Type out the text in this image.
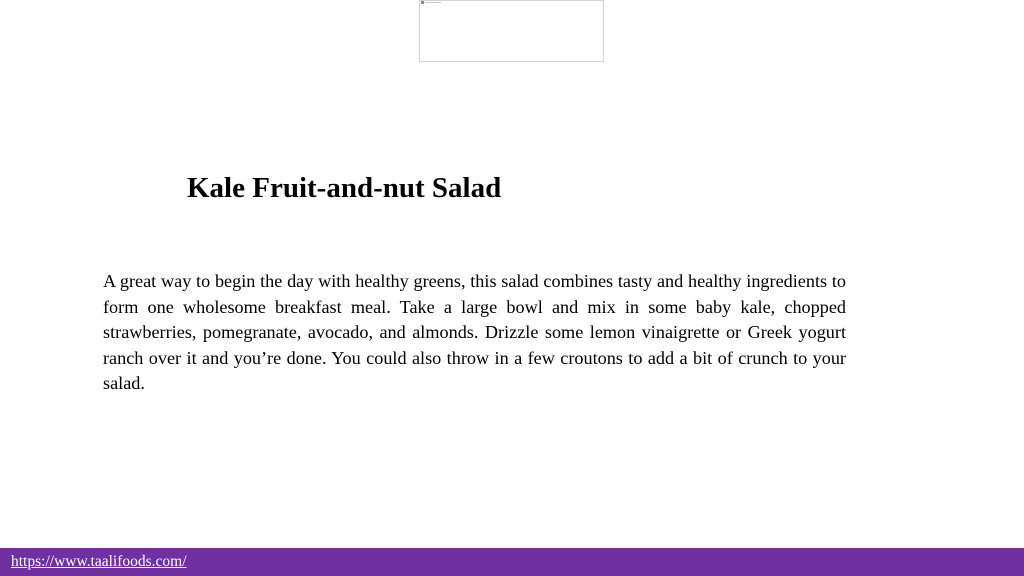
Kale Fruit-and-nut Salad

A great way to begin the day with healthy greens, this salad combines tasty and healthy ingredients to form one wholesome breakfast meal. Take a large bowl and mix in some baby kale, chopped strawberries, pomegranate, avocado, and almonds. Drizzle some lemon vinaigrette or Greek yogurt ranch over it and you’re done. You could also throw in a few croutons to add a bit of crunch to your salad.

https://www.taalifoods.com/
